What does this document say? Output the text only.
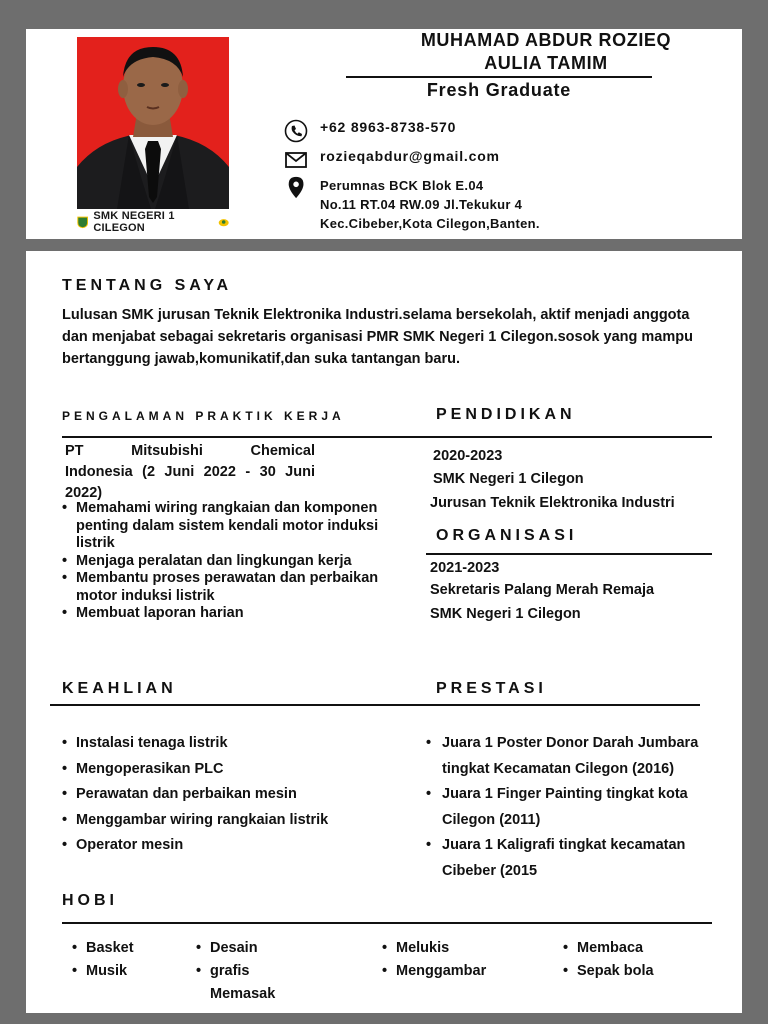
SMK NEGERI 1 CILEGON
MUHAMAD ABDUR ROZIEQ
AULIA TAMIM
Fresh Graduate
+62 8963-8738-570
rozieqabdur@gmail.com
Perumnas BCK Blok E.04
No.11 RT.04 RW.09 Jl.Tekukur 4
Kec.Cibeber,Kota Cilegon,Banten.
TENTANG SAYA
Lulusan SMK jurusan Teknik Elektronika Industri.selama bersekolah, aktif menjadi anggota dan menjabat sebagai sekretaris organisasi PMR SMK Negeri 1 Cilegon.sosok yang mampu bertanggung jawab,komunikatif,dan suka tantangan baru.
PENGALAMAN PRAKTIK KERJA
PT Mitsubishi Chemical
Indonesia (2 Juni 2022 - 30 Juni
2022)
• Memahami wiring rangkaian dan komponen penting dalam sistem kendali motor induksi listrik
• Menjaga peralatan dan lingkungan kerja
• Membantu proses perawatan dan perbaikan motor induksi listrik
• Membuat laporan harian
PENDIDIKAN
2020-2023
SMK Negeri 1 Cilegon
Jurusan Teknik Elektronika Industri
ORGANISASI
2021-2023
Sekretaris Palang Merah Remaja
SMK Negeri 1 Cilegon
KEAHLIAN
• Instalasi tenaga listrik
• Mengoperasikan PLC
• Perawatan dan perbaikan mesin
• Menggambar wiring rangkaian listrik
• Operator mesin
PRESTASI
• Juara 1 Poster Donor Darah Jumbara tingkat Kecamatan Cilegon (2016)
• Juara 1 Finger Painting tingkat kota Cilegon (2011)
• Juara 1 Kaligrafi tingkat kecamatan Cibeber (2015
HOBI
• Basket
• Musik
• Desain
• grafis
Memasak
• Melukis
• Menggambar
• Membaca
• Sepak bola
